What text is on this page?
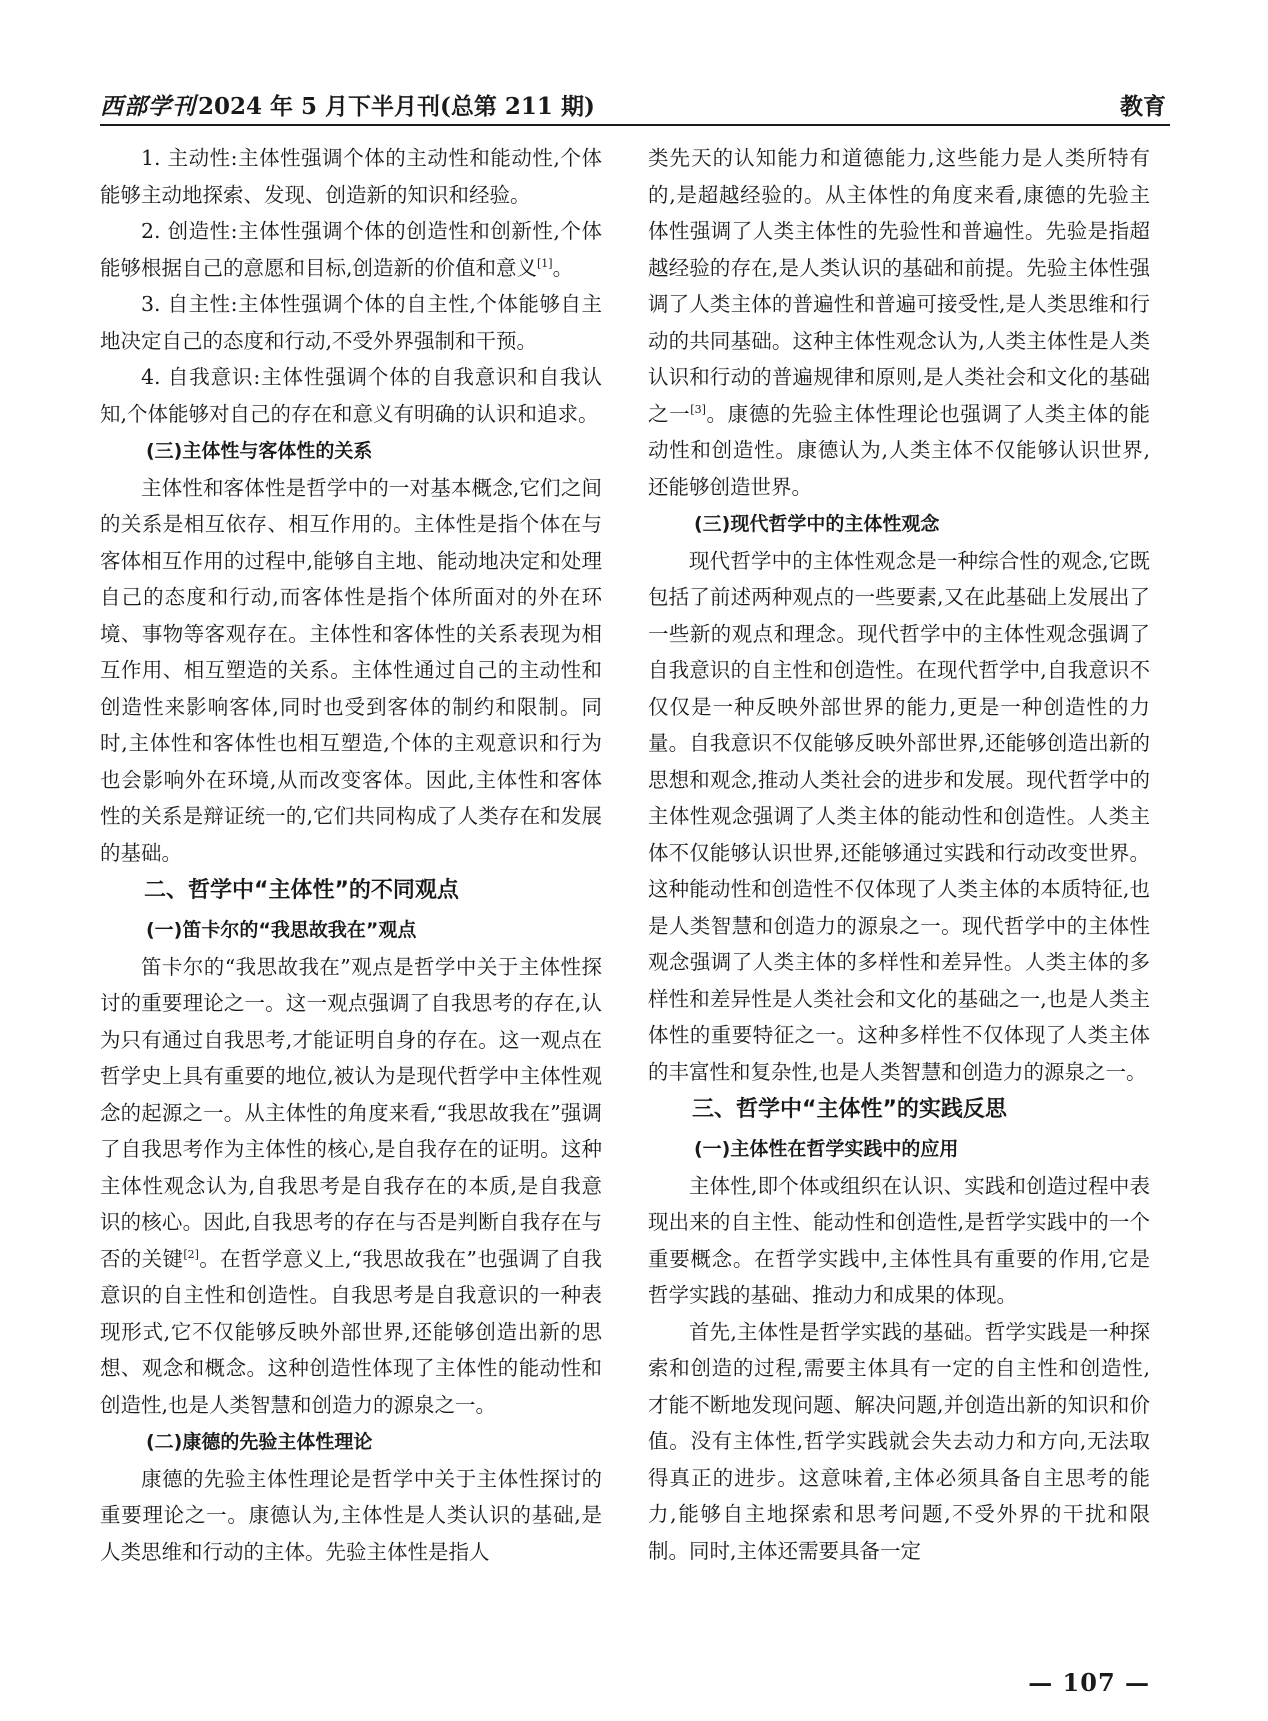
西部学刊2024 年 5 月下半月刊(总第 211 期)	教育
1. 主动性:主体性强调个体的主动性和能动性,个体能够主动地探索、发现、创造新的知识和经验。
2. 创造性:主体性强调个体的创造性和创新性,个体能够根据自己的意愿和目标,创造新的价值和意义[1]。
3. 自主性:主体性强调个体的自主性,个体能够自主地决定自己的态度和行动,不受外界强制和干预。
4. 自我意识:主体性强调个体的自我意识和自我认知,个体能够对自己的存在和意义有明确的认识和追求。
(三)主体性与客体性的关系
主体性和客体性是哲学中的一对基本概念,它们之间的关系是相互依存、相互作用的。主体性是指个体在与客体相互作用的过程中,能够自主地、能动地决定和处理自己的态度和行动,而客体性是指个体所面对的外在环境、事物等客观存在。主体性和客体性的关系表现为相互作用、相互塑造的关系。主体性通过自己的主动性和创造性来影响客体,同时也受到客体的制约和限制。同时,主体性和客体性也相互塑造,个体的主观意识和行为也会影响外在环境,从而改变客体。因此,主体性和客体性的关系是辩证统一的,它们共同构成了人类存在和发展的基础。
二、哲学中“主体性”的不同观点
(一)笛卡尔的“我思故我在”观点
笛卡尔的“我思故我在”观点是哲学中关于主体性探讨的重要理论之一。这一观点强调了自我思考的存在,认为只有通过自我思考,才能证明自身的存在。这一观点在哲学史上具有重要的地位,被认为是现代哲学中主体性观念的起源之一。从主体性的角度来看,“我思故我在”强调了自我思考作为主体性的核心,是自我存在的证明。这种主体性观念认为,自我思考是自我存在的本质,是自我意识的核心。因此,自我思考的存在与否是判断自我存在与否的关键[2]。在哲学意义上,“我思故我在”也强调了自我意识的自主性和创造性。自我思考是自我意识的一种表现形式,它不仅能够反映外部世界,还能够创造出新的思想、观念和概念。这种创造性体现了主体性的能动性和创造性,也是人类智慧和创造力的源泉之一。
(二)康德的先验主体性理论
康德的先验主体性理论是哲学中关于主体性探讨的重要理论之一。康德认为,主体性是人类认识的基础,是人类思维和行动的主体。先验主体性是指人
类先天的认知能力和道德能力,这些能力是人类所特有的,是超越经验的。从主体性的角度来看,康德的先验主体性强调了人类主体性的先验性和普遍性。先验是指超越经验的存在,是人类认识的基础和前提。先验主体性强调了人类主体的普遍性和普遍可接受性,是人类思维和行动的共同基础。这种主体性观念认为,人类主体性是人类认识和行动的普遍规律和原则,是人类社会和文化的基础之一[3]。康德的先验主体性理论也强调了人类主体的能动性和创造性。康德认为,人类主体不仅能够认识世界,还能够创造世界。
(三)现代哲学中的主体性观念
现代哲学中的主体性观念是一种综合性的观念,它既包括了前述两种观点的一些要素,又在此基础上发展出了一些新的观点和理念。现代哲学中的主体性观念强调了自我意识的自主性和创造性。在现代哲学中,自我意识不仅仅是一种反映外部世界的能力,更是一种创造性的力量。自我意识不仅能够反映外部世界,还能够创造出新的思想和观念,推动人类社会的进步和发展。现代哲学中的主体性观念强调了人类主体的能动性和创造性。人类主体不仅能够认识世界,还能够通过实践和行动改变世界。这种能动性和创造性不仅体现了人类主体的本质特征,也是人类智慧和创造力的源泉之一。现代哲学中的主体性观念强调了人类主体的多样性和差异性。人类主体的多样性和差异性是人类社会和文化的基础之一,也是人类主体性的重要特征之一。这种多样性不仅体现了人类主体的丰富性和复杂性,也是人类智慧和创造力的源泉之一。
三、哲学中“主体性”的实践反思
(一)主体性在哲学实践中的应用
主体性,即个体或组织在认识、实践和创造过程中表现出来的自主性、能动性和创造性,是哲学实践中的一个重要概念。在哲学实践中,主体性具有重要的作用,它是哲学实践的基础、推动力和成果的体现。
首先,主体性是哲学实践的基础。哲学实践是一种探索和创造的过程,需要主体具有一定的自主性和创造性,才能不断地发现问题、解决问题,并创造出新的知识和价值。没有主体性,哲学实践就会失去动力和方向,无法取得真正的进步。这意味着,主体必须具备自主思考的能力,能够自主地探索和思考问题,不受外界的干扰和限制。同时,主体还需要具备一定
— 107 —
